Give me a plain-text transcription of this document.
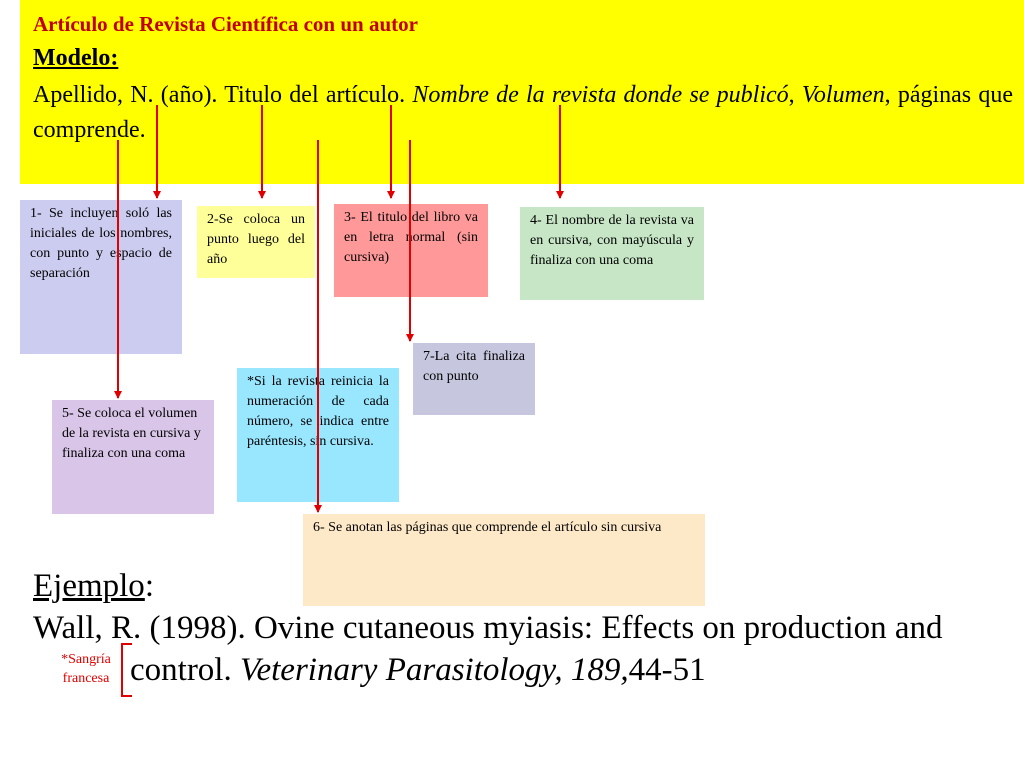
Artículo de Revista Científica con un autor
Modelo:
Apellido, N. (año). Titulo del artículo. Nombre de la revista donde se publicó, Volumen, páginas que comprende.
1- Se incluyen soló las iniciales de los nombres, con punto y espacio de separación
2-Se coloca un punto luego del año
3- El titulo del libro va en letra normal (sin cursiva)
4- El nombre de la revista va en cursiva, con mayúscula y finaliza con una coma
5- Se coloca el volumen de la revista en cursiva y finaliza con una coma
*Si la revista reinicia la numeración de cada número, se indica entre paréntesis, sin cursiva.
7-La cita finaliza con punto
6- Se anotan las páginas que comprende el artículo sin cursiva
Ejemplo:
Wall, R. (1998). Ovine cutaneous myiasis: Effects on production and
control. Veterinary Parasitology, 189,44-51
*Sangría francesa
